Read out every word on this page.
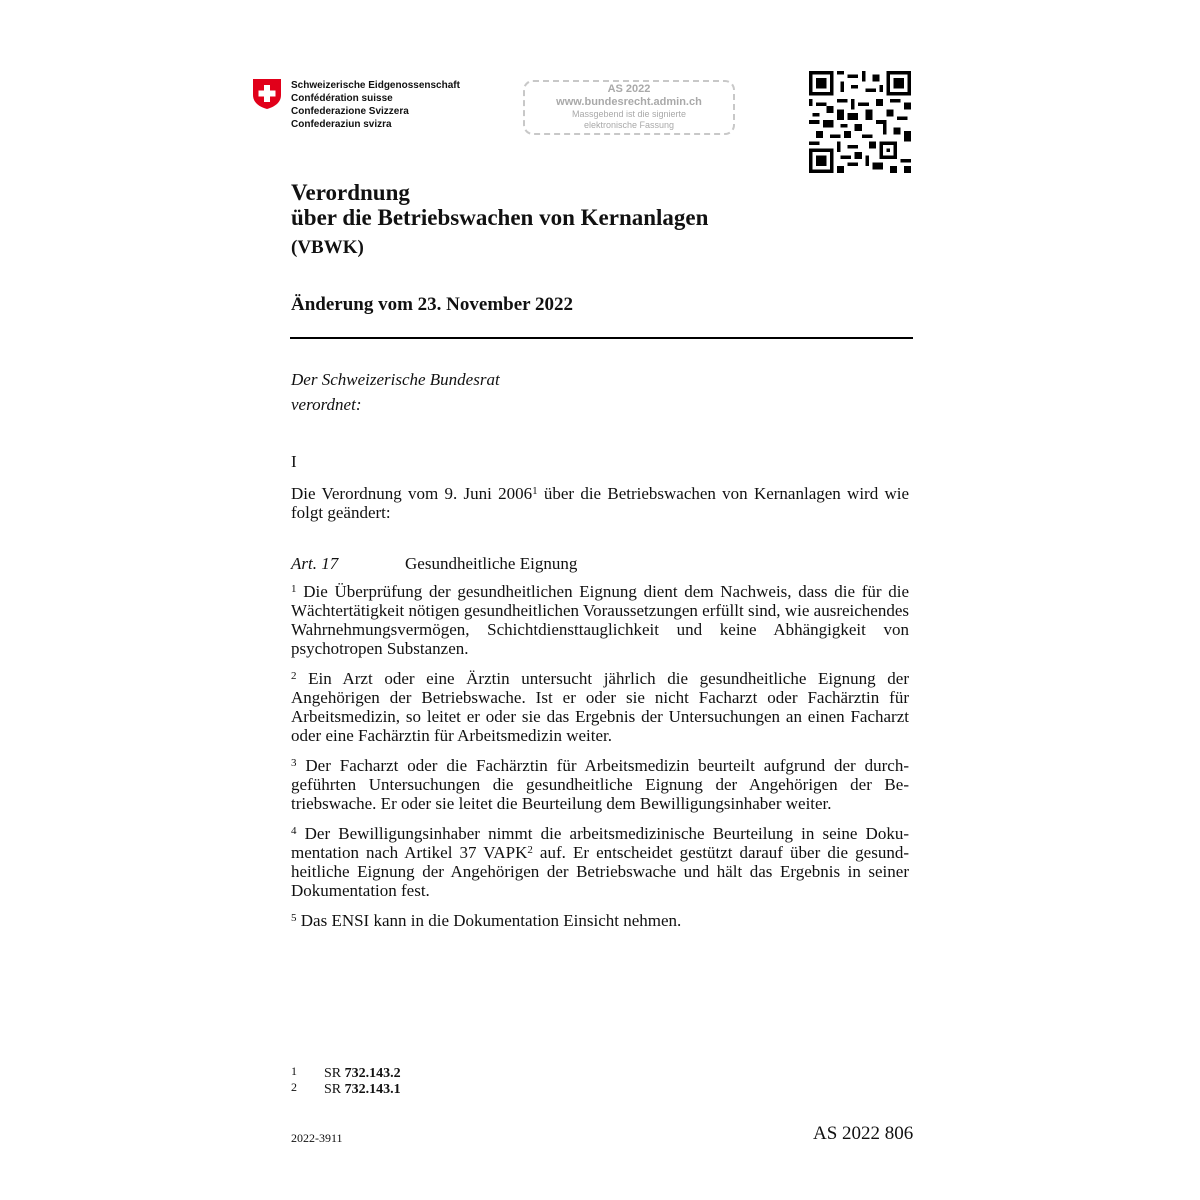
Schweizerische Eidgenossenschaft
Confédération suisse
Confederazione Svizzera
Confederaziun svizra
AS 2022
www.bundesrecht.admin.ch
Massgebend ist die signierte
elektronische Fassung
Verordnung
über die Betriebswachen von Kernanlagen
(VBWK)
Änderung vom 23. November 2022
Der Schweizerische Bundesrat
verordnet:
I
Die Verordnung vom 9. Juni 2006$^1$ über die Betriebswachen von Kernanlagen wird wie folgt geändert:
Art. 17	Gesundheitliche Eignung

$^1$ Die Überprüfung der gesundheitlichen Eignung dient dem Nachweis, dass die für die Wächtertätigkeit nötigen gesundheitlichen Voraussetzungen erfüllt sind, wie ausreichendes Wahrnehmungsvermögen, Schichtdiensttauglichkeit und keine Abhängigkeit von psychotropen Substanzen.

$^2$ Ein Arzt oder eine Ärztin untersucht jährlich die gesundheitliche Eignung der Angehörigen der Betriebswache. Ist er oder sie nicht Facharzt oder Fachärztin für Arbeitsmedizin, so leitet er oder sie das Ergebnis der Untersuchungen an einen Facharzt oder eine Fachärztin für Arbeitsmedizin weiter.

$^3$ Der Facharzt oder die Fachärztin für Arbeitsmedizin beurteilt aufgrund der durchgeführten Untersuchungen die gesundheitliche Eignung der Angehörigen der Betriebswache. Er oder sie leitet die Beurteilung dem Bewilligungsinhaber weiter.

$^4$ Der Bewilligungsinhaber nimmt die arbeitsmedizinische Beurteilung in seine Dokumentation nach Artikel 37 VAPK$^2$ auf. Er entscheidet gestützt darauf über die gesundheitliche Eignung der Angehörigen der Betriebswache und hält das Ergebnis in seiner Dokumentation fest.

$^5$ Das ENSI kann in die Dokumentation Einsicht nehmen.

1 SR 732.143.2
2 SR 732.143.1
2022-3911	AS 2022 806
